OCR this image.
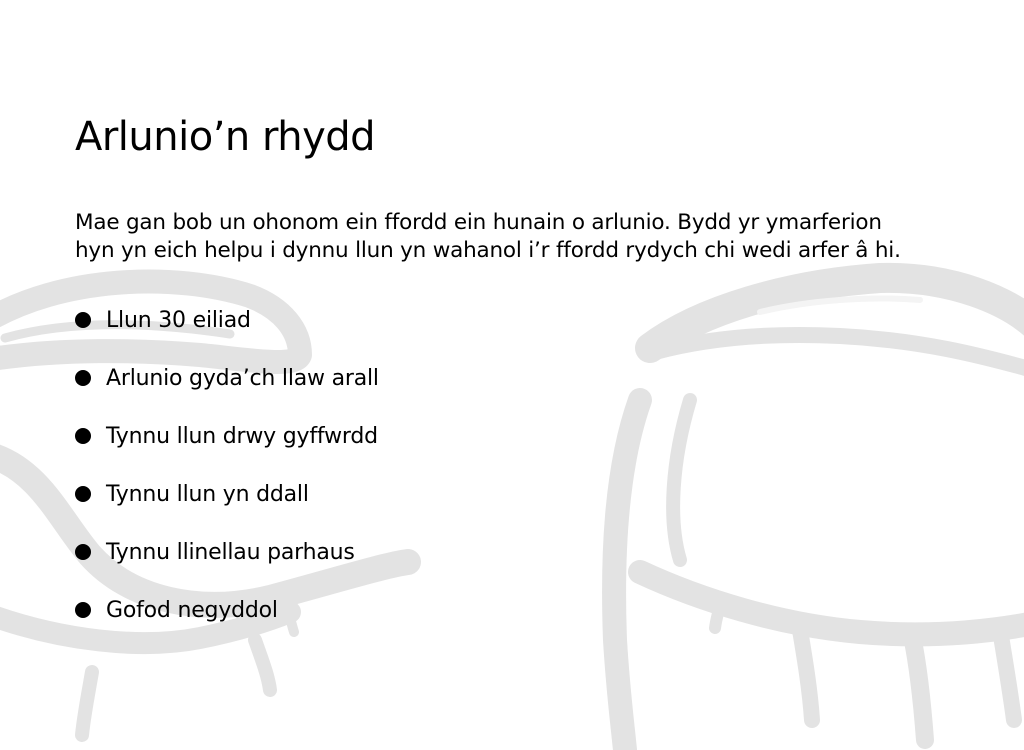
Arlunio’n rhydd

Mae gan bob un ohonom ein ffordd ein hunain o arlunio. Bydd yr ymarferion
hyn yn eich helpu i dynnu llun yn wahanol i’r ffordd rydych chi wedi arfer â hi.

Llun 30 eiliad
Arlunio gyda’ch llaw arall
Tynnu llun drwy gyffwrdd
Tynnu llun yn ddall
Tynnu llinellau parhaus
Gofod negyddol
